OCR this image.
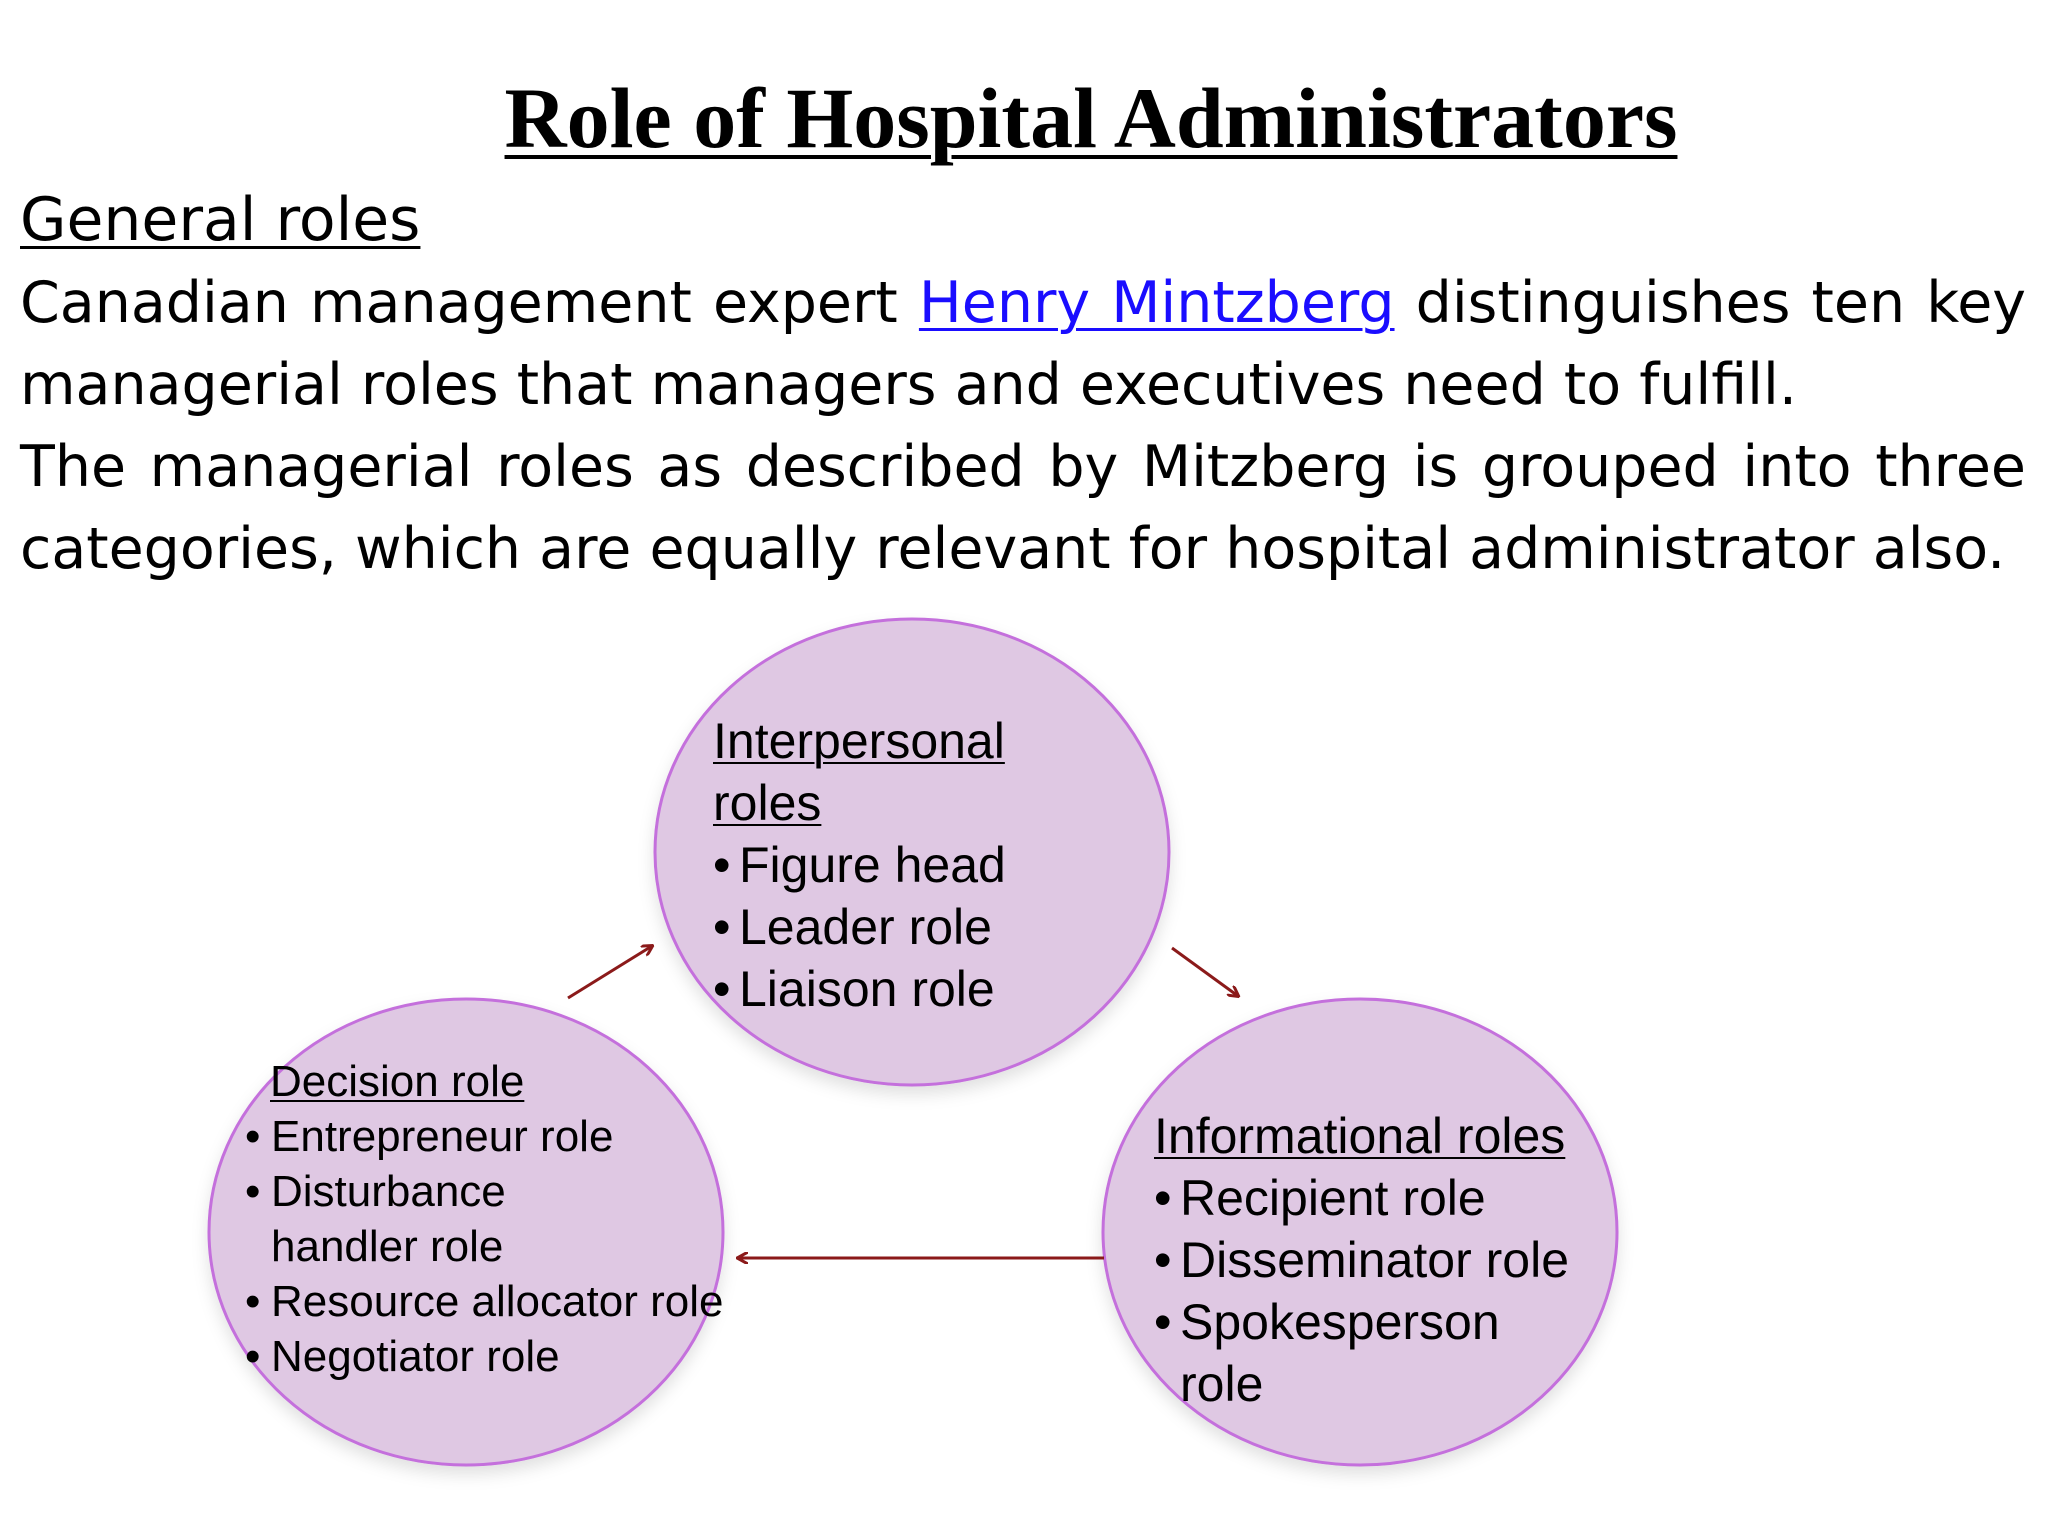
Role of Hospital Administrators
General roles

Canadian management expert Henry Mintzberg distinguishes ten key managerial roles that managers and executives need to fulfill.

The managerial roles as described by Mitzberg is grouped into three categories, which are equally relevant for hospital administrator also.

Interpersonal roles
• Figure head
• Leader role
• Liaison role
Decision role
• Entrepreneur role
• Disturbance handler role
• Resource allocator role
• Negotiator role
Informational roles
• Recipient role
• Disseminator role
• Spokesperson role
